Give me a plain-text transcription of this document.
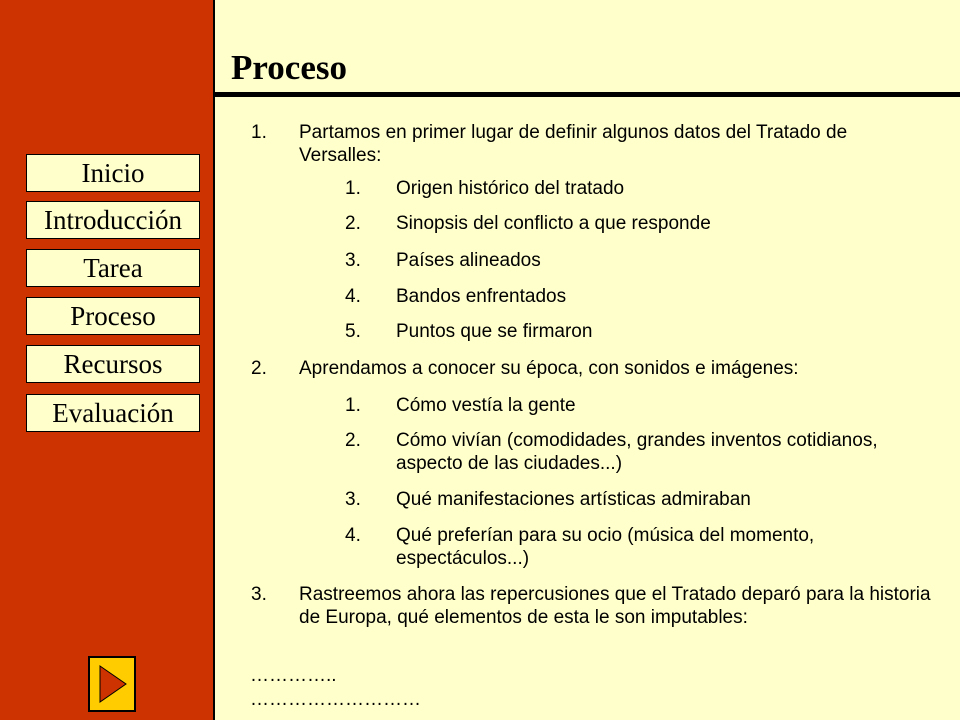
Inicio
Introducción
Tarea
Proceso
Recursos
Evaluación
Proceso
1. Partamos en primer lugar de definir algunos datos del Tratado de Versalles:
1. Origen histórico del tratado
2. Sinopsis del conflicto a que responde
3. Países alineados
4. Bandos enfrentados
5. Puntos que se firmaron
2. Aprendamos a conocer su época, con sonidos e imágenes:
1. Cómo vestía la gente
2. Cómo vivían (comodidades, grandes inventos cotidianos, aspecto de las ciudades...)
3. Qué manifestaciones artísticas admiraban
4. Qué preferían para su ocio (música del momento, espectáculos...)
3. Rastreemos ahora las repercusiones que el Tratado deparó para la historia de Europa, qué elementos de esta le son imputables:
…………..
………………………
